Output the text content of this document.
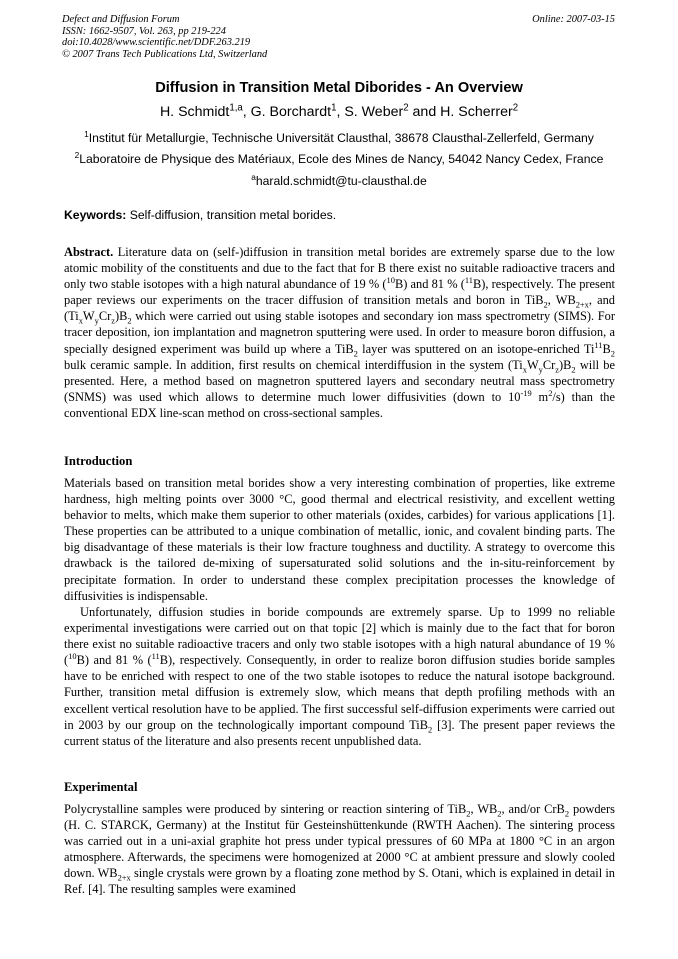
Defect and Diffusion Forum
ISSN: 1662-9507, Vol. 263, pp 219-224
doi:10.4028/www.scientific.net/DDF.263.219
© 2007 Trans Tech Publications Ltd, Switzerland
Online: 2007-03-15
Diffusion in Transition Metal Diborides - An Overview
H. Schmidt$^{1,a}$, G. Borchardt$^1$, S. Weber$^2$ and H. Scherrer$^2$
$^1$Institut für Metallurgie, Technische Universität Clausthal, 38678 Clausthal-Zellerfeld, Germany
$^2$Laboratoire de Physique des Matériaux, Ecole des Mines de Nancy, 54042 Nancy Cedex, France
$^a$harald.schmidt@tu-clausthal.de
Keywords: Self-diffusion, transition metal borides.

Abstract. Literature data on (self-)diffusion in transition metal borides are extremely sparse due to the low atomic mobility of the constituents and due to the fact that for B there exist no suitable radioactive tracers and only two stable isotopes with a high natural abundance of 19 % ($^{10}$B) and 81 % ($^{11}$B), respectively. The present paper reviews our experiments on the tracer diffusion of transition metals and boron in TiB$_2$, $WB_{2+x}$, and $(Ti_xW_yCr_z)B_2$ which were carried out using stable isotopes and secondary ion mass spectrometry (SIMS). For tracer deposition, ion implantation and magnetron sputtering were used. In order to measure boron diffusion, a specially designed experiment was build up where a TiB$_2$ layer was sputtered on an isotope-enriched $Ti^{11}B_2$ bulk ceramic sample. In addition, first results on chemical interdiffusion in the system $(Ti_xW_yCr_z)B_2$ will be presented. Here, a method based on magnetron sputtered layers and secondary neutral mass spectrometry (SNMS) was used which allows to determine much lower diffusivities (down to $10^{-19}$ $m^2/s$) than the conventional EDX line-scan method on cross-sectional samples.

Introduction

Materials based on transition metal borides show a very interesting combination of properties, like extreme hardness, high melting points over 3000 °C, good thermal and electrical resistivity, and excellent wetting behavior to melts, which make them superior to other materials (oxides, carbides) for various applications [1]. These properties can be attributed to a unique combination of metallic, ionic, and covalent binding parts. The big disadvantage of these materials is their low fracture toughness and ductility. A strategy to overcome this drawback is the tailored de-mixing of supersaturated solid solutions and the in-situ-reinforcement by precipitate formation. In order to understand these complex precipitation processes the knowledge of diffusivities is indispensable.

Unfortunately, diffusion studies in boride compounds are extremely sparse. Up to 1999 no reliable experimental investigations were carried out on that topic [2] which is mainly due to the fact that for boron there exist no suitable radioactive tracers and only two stable isotopes with a high natural abundance of 19 % ($^{10}$B) and 81 % ($^{11}$B), respectively. Consequently, in order to realize boron diffusion studies boride samples have to be enriched with respect to one of the two stable isotopes to reduce the natural isotope background. Further, transition metal diffusion is extremely slow, which means that depth profiling methods with an excellent vertical resolution have to be applied. The first successful self-diffusion experiments were carried out in 2003 by our group on the technologically important compound TiB$_2$ [3]. The present paper reviews the current status of the literature and also presents recent unpublished data.

Experimental

Polycrystalline samples were produced by sintering or reaction sintering of TiB$_2$, $WB_2$, and/or CrB$_2$ powders (H. C. STARCK, Germany) at the Institut für Gesteinshüttenkunde (RWTH Aachen). The sintering process was carried out in a uni-axial graphite hot press under typical pressures of 60 MPa at 1800 °C in an argon atmosphere. Afterwards, the specimens were homogenized at 2000 °C at ambient pressure and slowly cooled down. $WB_{2+x}$ single crystals were grown by a floating zone method by S. Otani, which is explained in detail in Ref. [4]. The resulting samples were examined
